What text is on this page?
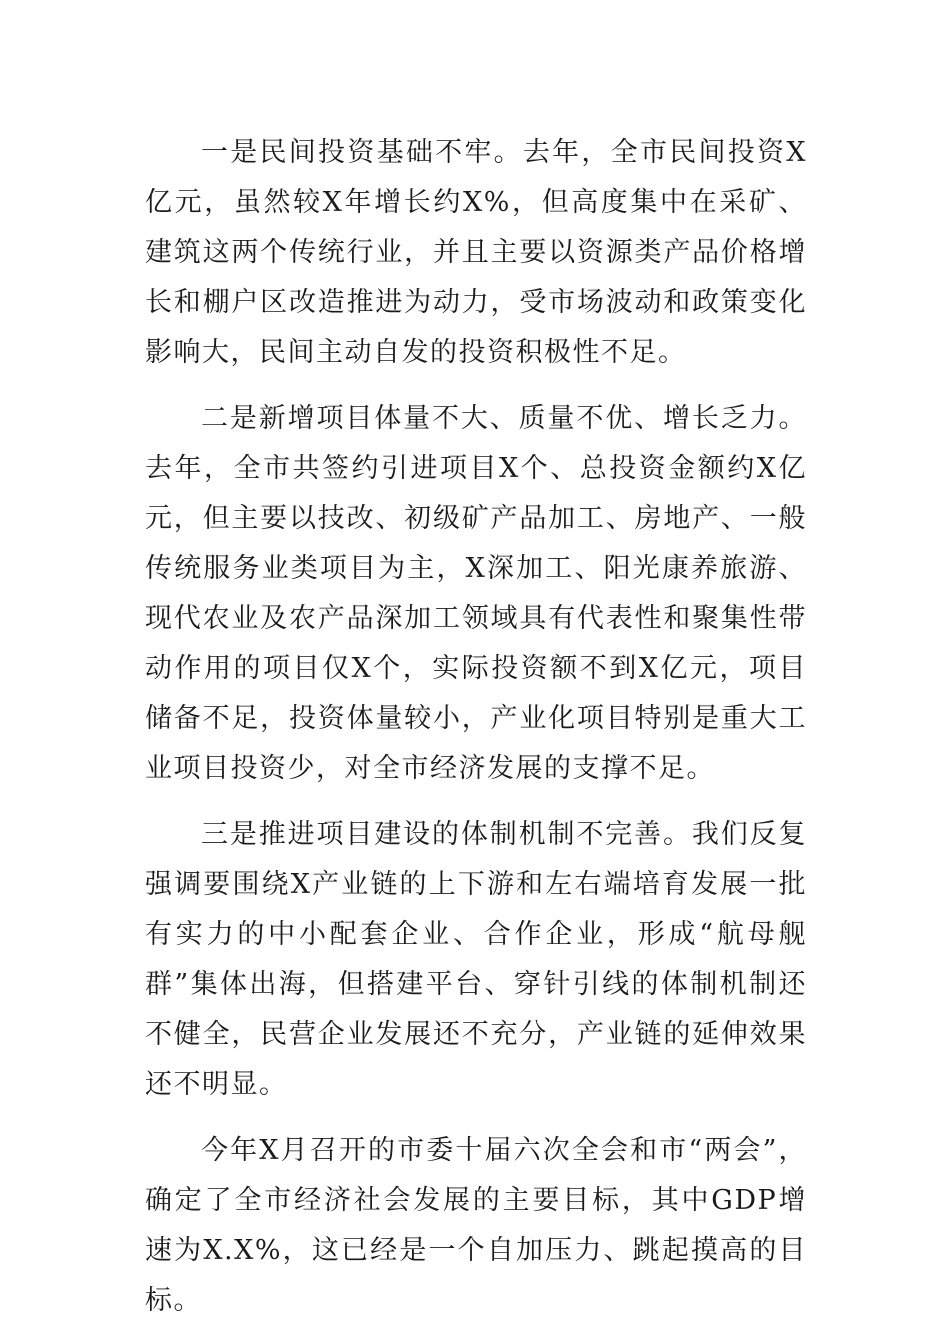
一是民间投资基础不牢。去年，全市民间投资X 亿元，虽然较X年增长约X%，但高度集中在采矿、建筑这两个传统行业，并且主要以资源类产品价格增长和棚户区改造推进为动力，受市场波动和政策变化影响大，民间主动自发的投资积极性不足。

二是新增项目体量不大、质量不优、增长乏力。去年，全市共签约引进项目X个、总投资金额约X亿元，但主要以技改、初级矿产品加工、房地产、一般传统服务业类项目为主，X深加工、阳光康养旅游、现代农业及农产品深加工领域具有代表性和聚集性带动作用的项目仅X个，实际投资额不到X亿元，项目储备不足，投资体量较小，产业化项目特别是重大工业项目投资少，对全市经济发展的支撑不足。

三是推进项目建设的体制机制不完善。我们反复强调要围绕X产业链的上下游和左右端培育发展一批有实力的中小配套企业、合作企业，形成“航母舰群”集体出海，但搭建平台、穿针引线的体制机制还不健全，民营企业发展还不充分，产业链的延伸效果还不明显。

今年X月召开的市委十届六次全会和市“两会”，确定了全市经济社会发展的主要目标，其中GDP增速为X.X%，这已经是一个自加压力、跳起摸高的目标。
